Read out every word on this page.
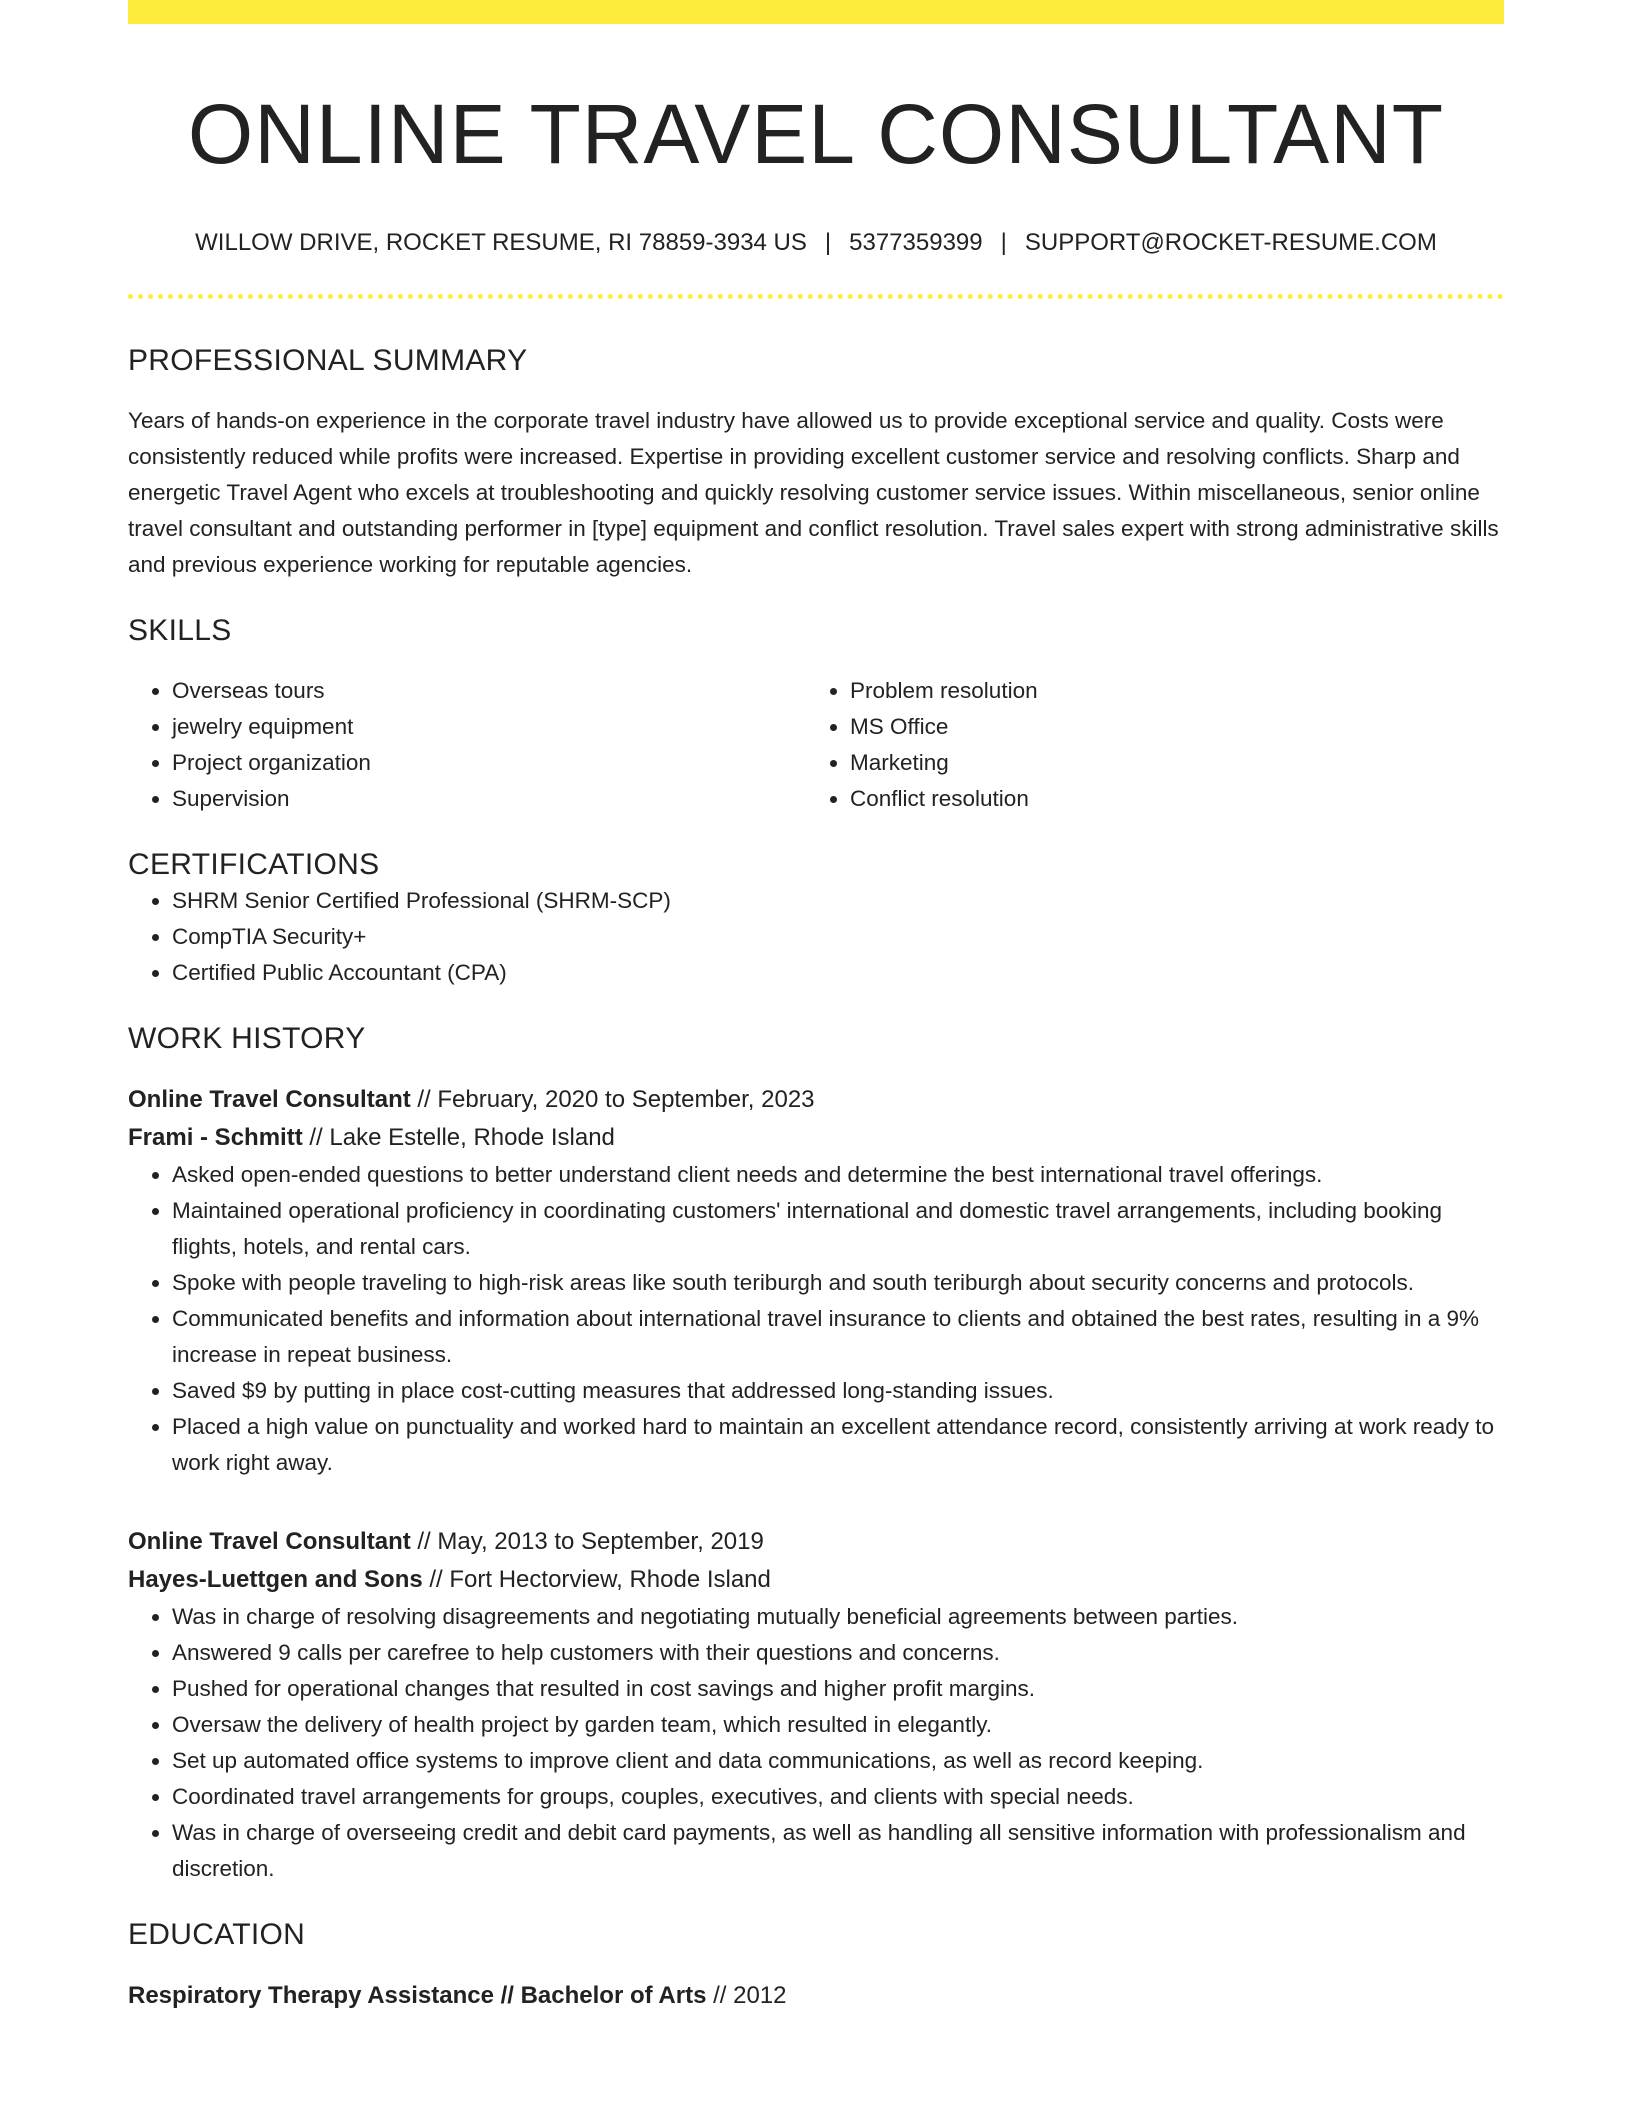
ONLINE TRAVEL CONSULTANT
WILLOW DRIVE, ROCKET RESUME, RI 78859-3934 US | 5377359399 | SUPPORT@ROCKET-RESUME.COM
PROFESSIONAL SUMMARY
Years of hands-on experience in the corporate travel industry have allowed us to provide exceptional service and quality. Costs were consistently reduced while profits were increased. Expertise in providing excellent customer service and resolving conflicts. Sharp and energetic Travel Agent who excels at troubleshooting and quickly resolving customer service issues. Within miscellaneous, senior online travel consultant and outstanding performer in [type] equipment and conflict resolution. Travel sales expert with strong administrative skills and previous experience working for reputable agencies.
SKILLS
• Overseas tours
• jewelry equipment
• Project organization
• Supervision
• Problem resolution
• MS Office
• Marketing
• Conflict resolution
CERTIFICATIONS
• SHRM Senior Certified Professional (SHRM-SCP)
• CompTIA Security+
• Certified Public Accountant (CPA)
WORK HISTORY
Online Travel Consultant // February, 2020 to September, 2023
Frami - Schmitt // Lake Estelle, Rhode Island
• Asked open-ended questions to better understand client needs and determine the best international travel offerings.
• Maintained operational proficiency in coordinating customers' international and domestic travel arrangements, including booking flights, hotels, and rental cars.
• Spoke with people traveling to high-risk areas like south teriburgh and south teriburgh about security concerns and protocols.
• Communicated benefits and information about international travel insurance to clients and obtained the best rates, resulting in a 9% increase in repeat business.
• Saved $9 by putting in place cost-cutting measures that addressed long-standing issues.
• Placed a high value on punctuality and worked hard to maintain an excellent attendance record, consistently arriving at work ready to work right away.
Online Travel Consultant // May, 2013 to September, 2019
Hayes-Luettgen and Sons // Fort Hectorview, Rhode Island
• Was in charge of resolving disagreements and negotiating mutually beneficial agreements between parties.
• Answered 9 calls per carefree to help customers with their questions and concerns.
• Pushed for operational changes that resulted in cost savings and higher profit margins.
• Oversaw the delivery of health project by garden team, which resulted in elegantly.
• Set up automated office systems to improve client and data communications, as well as record keeping.
• Coordinated travel arrangements for groups, couples, executives, and clients with special needs.
• Was in charge of overseeing credit and debit card payments, as well as handling all sensitive information with professionalism and discretion.
EDUCATION
Respiratory Therapy Assistance // Bachelor of Arts // 2012
